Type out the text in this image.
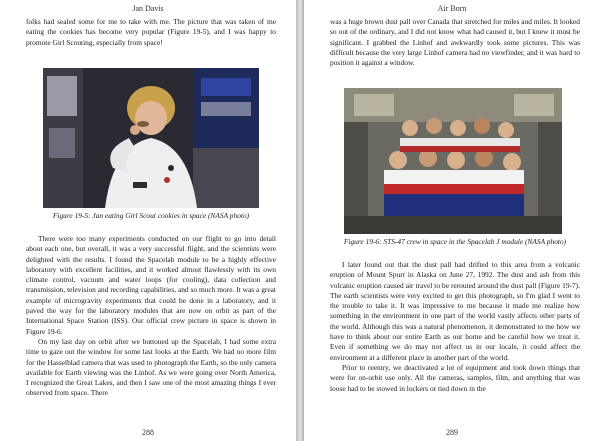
Jan Davis

folks had sealed some for me to take with me. The picture that was taken of me eating the cookies has become very popular (Figure 19-5), and I was happy to promote Girl Scouting, especially from space!

Figure 19-5: Jan eating Girl Scout cookies in space (NASA photo)

There were too many experiments conducted on our flight to go into detail about each one, but overall, it was a very successful flight, and the scientists were delighted with the results. I found the Spacelab module to be a highly effective laboratory with excellent facilities, and it worked almost flawlessly with its own climate control, vacuum and water loops (for cooling), data collection and transmission, television and recording capabilities, and so much more. It was a great example of microgravity experiments that could be done in a laboratory, and it paved the way for the laboratory modules that are now on orbit as part of the International Space Station (ISS). Our official crew picture in space is shown in Figure 19-6.

On my last day on orbit after we buttoned up the Spacelab, I had some extra time to gaze out the window for some last looks at the Earth. We had no more film for the Hasselblad camera that was used to photograph the Earth, so the only camera available for Earth viewing was the Linhof. As we were going over North America, I recognized the Great Lakes, and then I saw one of the most amazing things I ever observed from space. There

288
Air Born

was a huge brown dust pall over Canada that stretched for miles and miles. It looked so out of the ordinary, and I did not know what had caused it, but I knew it must be significant. I grabbed the Linhof and awkwardly took some pictures. This was difficult because the very large Linhof camera had no viewfinder, and it was hard to position it against a window.

Figure 19-6: STS-47 crew in space in the Spacelab J module (NASA photo)

I later found out that the dust pall had drifted to this area from a volcanic eruption of Mount Spurr in Alaska on June 27, 1992. The dust and ash from this volcanic eruption caused air travel to be rerouted around the dust pall (Figure 19-7). The earth scientists were very excited to get this photograph, so I'm glad I went to the trouble to take it. It was impressive to me because it made me realize how something in the environment in one part of the world vastly affects other parts of the world. Although this was a natural phenomenon, it demonstrated to me how we have to think about our entire Earth as our home and be careful how we treat it. Even if something we do may not affect us in our locale, it could affect the environment at a different place in another part of the world.

Prior to reentry, we deactivated a lot of equipment and took down things that were for on-orbit use only. All the cameras, samples, film, and anything that was loose had to be stowed in lockers or tied down in the

289
